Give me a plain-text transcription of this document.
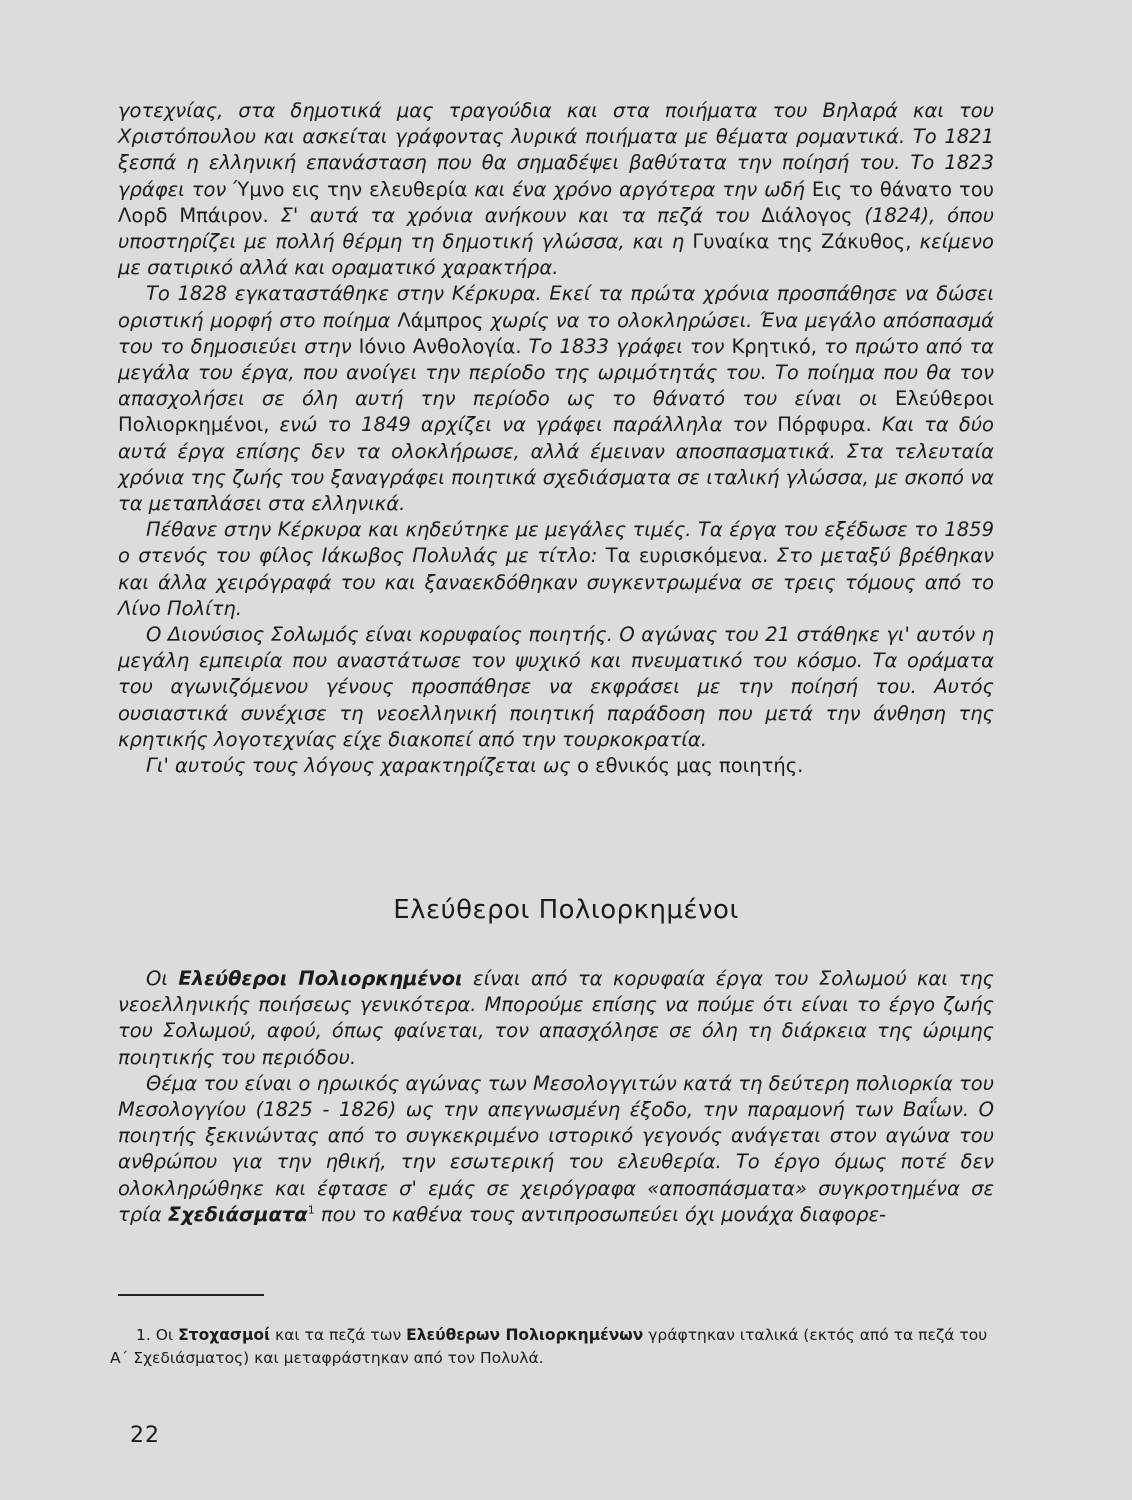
γοτεχνίας, στα δημοτικά μας τραγούδια και στα ποιήματα του Βηλαρά και του Χριστόπουλου και ασκείται γράφοντας λυρικά ποιήματα με θέματα ρομαντικά. Το 1821 ξεσπά η ελληνική επανάσταση που θα σημαδέψει βαθύτατα την ποίησή του. Το 1823 γράφει τον Ύμνο εις την ελευθερία και ένα χρόνο αργότερα την ωδή Εις το θάνατο του Λορδ Μπάιρον. Σ' αυτά τα χρόνια ανήκουν και τα πεζά του Διάλογος (1824), όπου υποστηρίζει με πολλή θέρμη τη δημοτική γλώσσα, και η Γυναίκα της Ζάκυθος, κείμενο με σατιρικό αλλά και οραματικό χαρακτήρα.

Το 1828 εγκαταστάθηκε στην Κέρκυρα. Εκεί τα πρώτα χρόνια προσπάθησε να δώσει οριστική μορφή στο ποίημα Λάμπρος χωρίς να το ολοκληρώσει. Ένα μεγάλο απόσπασμά του το δημοσιεύει στην Ιόνιο Ανθολογία. Το 1833 γράφει τον Κρητικό, το πρώτο από τα μεγάλα του έργα, που ανοίγει την περίοδο της ωριμότητάς του. Το ποίημα που θα τον απασχολήσει σε όλη αυτή την περίοδο ως το θάνατό του είναι οι Ελεύθεροι Πολιορκημένοι, ενώ το 1849 αρχίζει να γράφει παράλληλα τον Πόρφυρα. Και τα δύο αυτά έργα επίσης δεν τα ολοκλήρωσε, αλλά έμειναν αποσπασματικά. Στα τελευταία χρόνια της ζωής του ξαναγράφει ποιητικά σχεδιάσματα σε ιταλική γλώσσα, με σκοπό να τα μεταπλάσει στα ελληνικά.

Πέθανε στην Κέρκυρα και κηδεύτηκε με μεγάλες τιμές. Τα έργα του εξέδωσε το 1859 ο στενός του φίλος Ιάκωβος Πολυλάς με τίτλο: Τα ευρισκόμενα. Στο μεταξύ βρέθηκαν και άλλα χειρόγραφά του και ξαναεκδόθηκαν συγκεντρωμένα σε τρεις τόμους από το Λίνο Πολίτη.

Ο Διονύσιος Σολωμός είναι κορυφαίος ποιητής. Ο αγώνας του 21 στάθηκε γι' αυτόν η μεγάλη εμπειρία που αναστάτωσε τον ψυχικό και πνευματικό του κόσμο. Τα οράματα του αγωνιζόμενου γένους προσπάθησε να εκφράσει με την ποίησή του. Αυτός ουσιαστικά συνέχισε τη νεοελληνική ποιητική παράδοση που μετά την άνθηση της κρητικής λογοτεχνίας είχε διακοπεί από την τουρκοκρατία.

Γι' αυτούς τους λόγους χαρακτηρίζεται ως ο εθνικός μας ποιητής.

Ελεύθεροι Πολιορκημένοι

Οι Ελεύθεροι Πολιορκημένοι είναι από τα κορυφαία έργα του Σολωμού και της νεοελληνικής ποιήσεως γενικότερα. Μπορούμε επίσης να πούμε ότι είναι το έργο ζωής του Σολωμού, αφού, όπως φαίνεται, τον απασχόλησε σε όλη τη διάρκεια της ώριμης ποιητικής του περιόδου.

Θέμα του είναι ο ηρωικός αγώνας των Μεσολογγιτών κατά τη δεύτερη πολιορκία του Μεσολογγίου (1825 - 1826) ως την απεγνωσμένη έξοδο, την παραμονή των Βαΐων. Ο ποιητής ξεκινώντας από το συγκεκριμένο ιστορικό γεγονός ανάγεται στον αγώνα του ανθρώπου για την ηθική, την εσωτερική του ελευθερία. Το έργο όμως ποτέ δεν ολοκληρώθηκε και έφτασε σ' εμάς σε χειρόγραφα «αποσπάσματα» συγκροτημένα σε τρία Σχεδιάσματα$^1$ που το καθένα τους αντιπροσωπεύει όχι μονάχα διαφορε-

1. Οι Στοχασμοί και τα πεζά των Ελεύθερων Πολιορκημένων γράφτηκαν ιταλικά (εκτός από τα πεζά του Α΄ Σχεδιάσματος) και μεταφράστηκαν από τον Πολυλά.

22
